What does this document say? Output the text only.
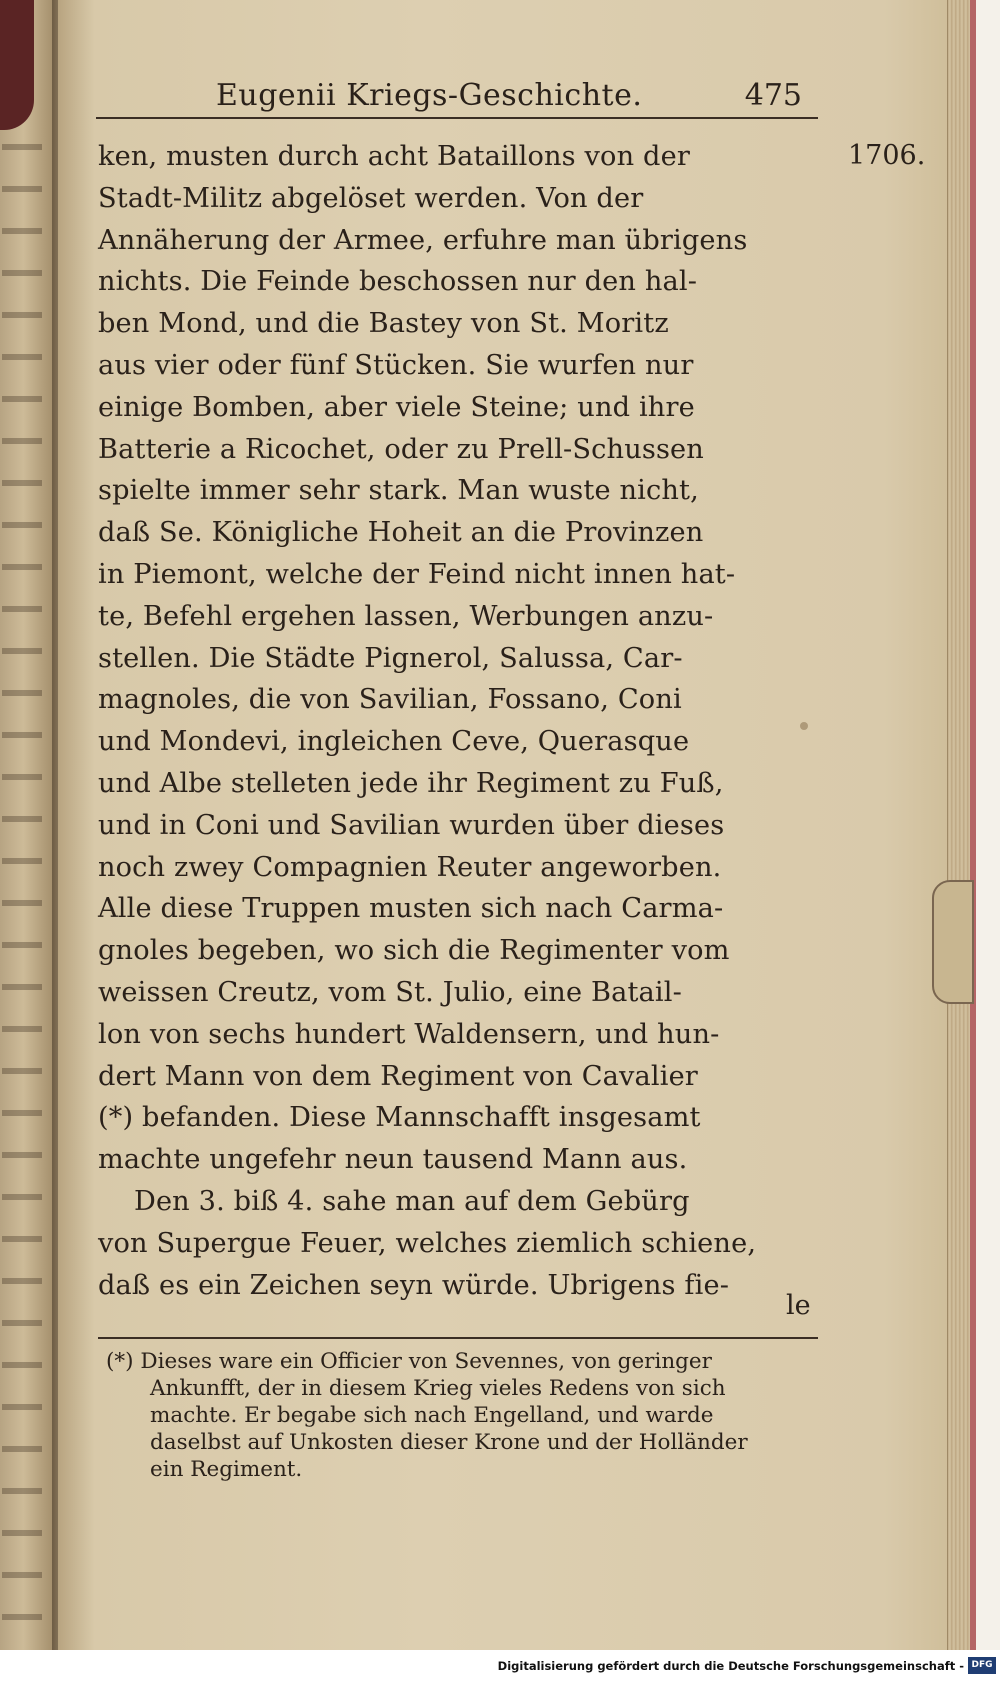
Eugenii Kriegs-Geschichte.	475
1706.
ken, musten durch acht Bataillons von der
Stadt-Militz abgelöset werden. Von der
Annäherung der Armee, erfuhre man übrigens
nichts. Die Feinde beschossen nur den hal-
ben Mond, und die Bastey von St. Moritz
aus vier oder fünf Stücken. Sie wurfen nur
einige Bomben, aber viele Steine; und ihre
Batterie a Ricochet, oder zu Prell-Schussen
spielte immer sehr stark. Man wuste nicht,
daß Se. Königliche Hoheit an die Provinzen
in Piemont, welche der Feind nicht innen hat-
te, Befehl ergehen lassen, Werbungen anzu-
stellen. Die Städte Pignerol, Salussa, Car-
magnoles, die von Savilian, Fossano, Coni
und Mondevi, ingleichen Ceve, Querasque
und Albe stelleten jede ihr Regiment zu Fuß,
und in Coni und Savilian wurden über dieses
noch zwey Compagnien Reuter angeworben.
Alle diese Truppen musten sich nach Carma-
gnoles begeben, wo sich die Regimenter vom
weissen Creutz, vom St. Julio, eine Batail-
lon von sechs hundert Waldensern, und hun-
dert Mann von dem Regiment von Cavalier
(*) befanden. Diese Mannschafft insgesamt
machte ungefehr neun tausend Mann aus.
Den 3. biß 4. sahe man auf dem Gebürg
von Supergue Feuer, welches ziemlich schiene,
daß es ein Zeichen seyn würde. Ubrigens fie-
le
(*) Dieses ware ein Officier von Sevennes, von geringer
Ankunfft, der in diesem Krieg vieles Redens von sich
machte. Er begabe sich nach Engelland, und warde
daselbst auf Unkosten dieser Krone und der Holländer
ein Regiment.
Digitalisierung gefördert durch die Deutsche Forschungsgemeinschaft - DFG
